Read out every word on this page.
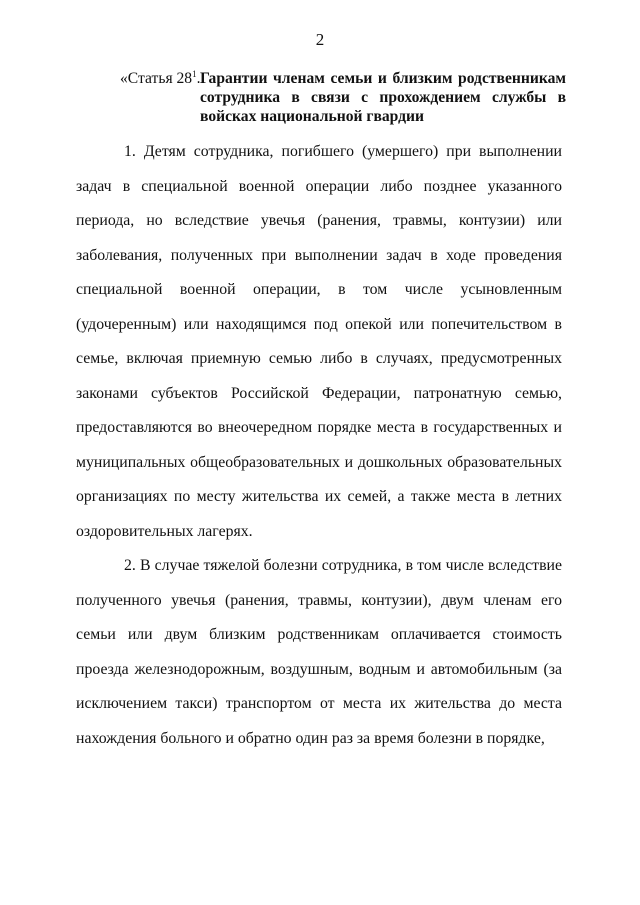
2
«Статья $28^1$. Гарантии членам семьи и близким родственникам сотрудника в связи с прохождением службы в войсках национальной гвардии

1. Детям сотрудника, погибшего (умершего) при выполнении задач в специальной военной операции либо позднее указанного периода, но вследствие увечья (ранения, травмы, контузии) или заболевания, полученных при выполнении задач в ходе проведения специальной военной операции, в том числе усыновленным (удочеренным) или находящимся под опекой или попечительством в семье, включая приемную семью либо в случаях, предусмотренных законами субъектов Российской Федерации, патронатную семью, предоставляются во внеочередном порядке места в государственных и муниципальных общеобразовательных и дошкольных образовательных организациях по месту жительства их семей, а также места в летних оздоровительных лагерях.

2. В случае тяжелой болезни сотрудника, в том числе вследствие полученного увечья (ранения, травмы, контузии), двум членам его семьи или двум близким родственникам оплачивается стоимость проезда железнодорожным, воздушным, водным и автомобильным (за исключением такси) транспортом от места их жительства до места нахождения больного и обратно один раз за время болезни в порядке,
